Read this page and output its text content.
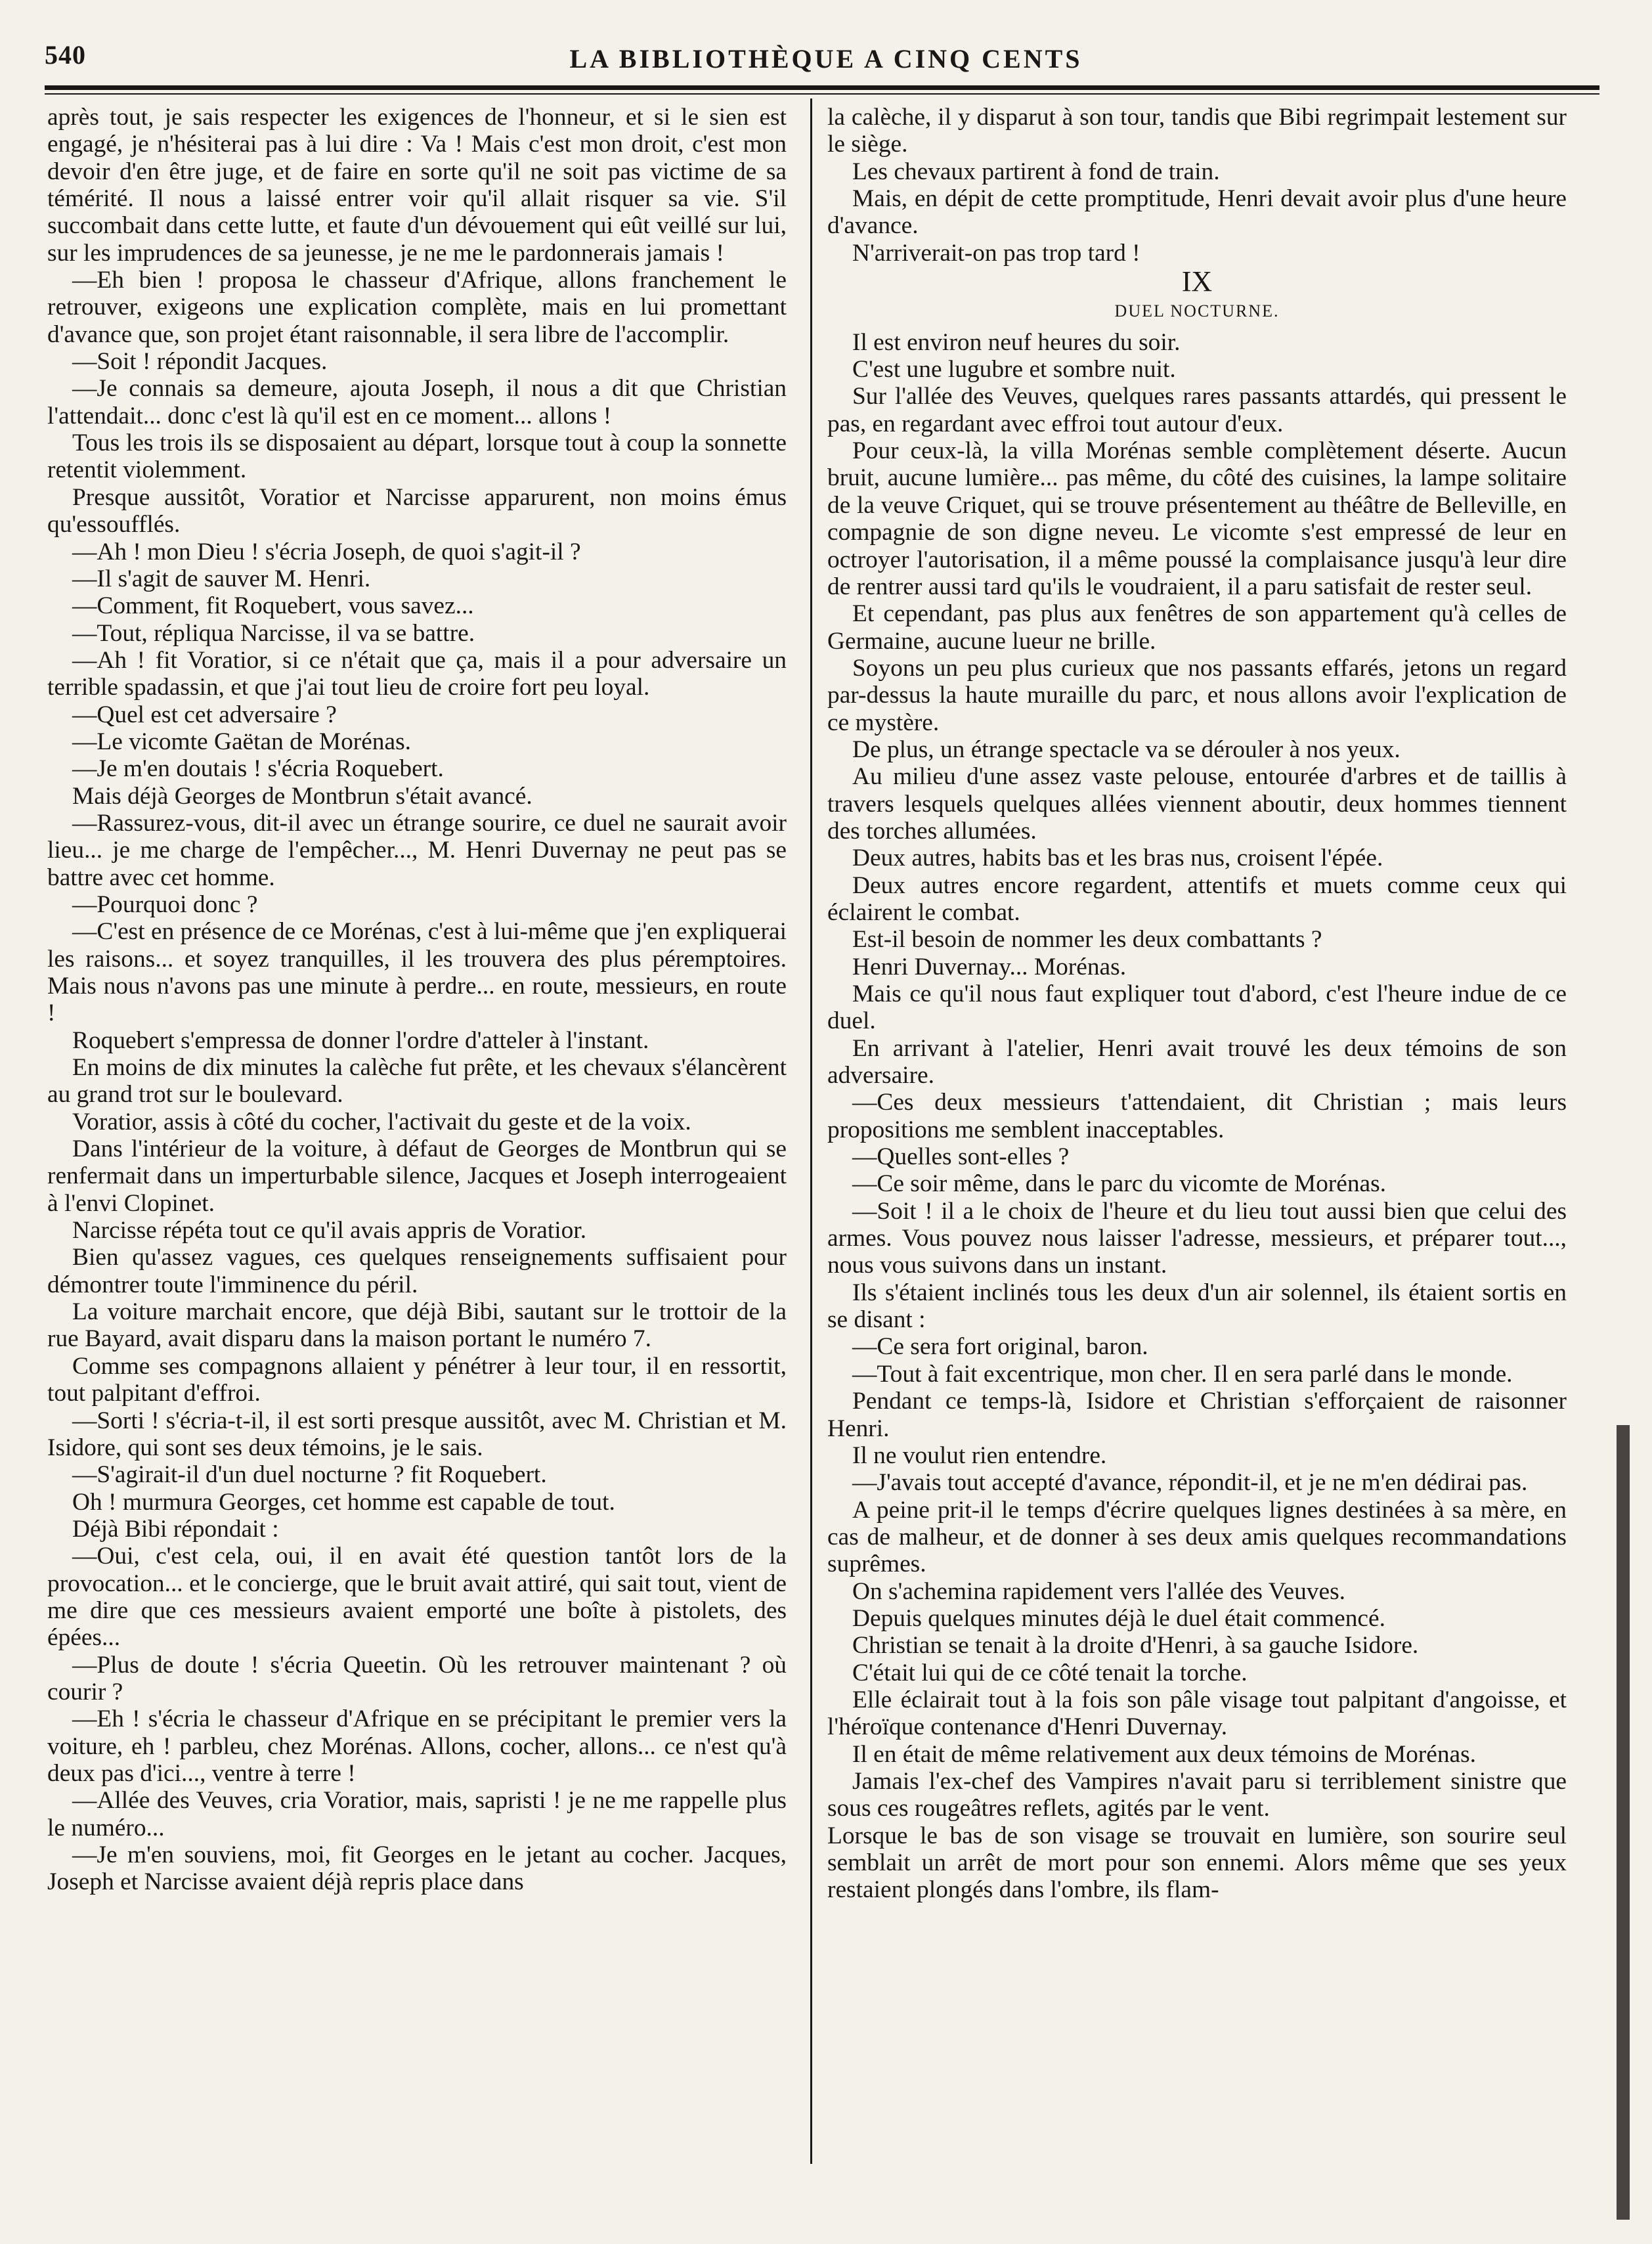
540	LA BIBLIOTHÈQUE A CINQ CENTS

après tout, je sais respecter les exigences de l'honneur, et si le sien est engagé, je n'hésiterai pas à lui dire : Va ! Mais c'est mon droit, c'est mon devoir d'en être juge, et de faire en sorte qu'il ne soit pas victime de sa témérité. Il nous a laissé entrer voir qu'il allait risquer sa vie. S'il succombait dans cette lutte, et faute d'un dévouement qui eût veillé sur lui, sur les imprudences de sa jeunesse, je ne me le pardonnerais jamais !

—Eh bien ! proposa le chasseur d'Afrique, allons franchement le retrouver, exigeons une explication complète, mais en lui promettant d'avance que, son projet étant raisonnable, il sera libre de l'accomplir.

—Soit ! répondit Jacques.

—Je connais sa demeure, ajouta Joseph, il nous a dit que Christian l'attendait... donc c'est là qu'il est en ce moment... allons !

Tous les trois ils se disposaient au départ, lorsque tout à coup la sonnette retentit violemment.

Presque aussitôt, Voratior et Narcisse apparurent, non moins émus qu'essoufflés.

—Ah ! mon Dieu ! s'écria Joseph, de quoi s'agit-il ?

—Il s'agit de sauver M. Henri.

—Comment, fit Roquebert, vous savez...

—Tout, répliqua Narcisse, il va se battre.

—Ah ! fit Voratior, si ce n'était que ça, mais il a pour adversaire un terrible spadassin, et que j'ai tout lieu de croire fort peu loyal.

—Quel est cet adversaire ?

—Le vicomte Gaëtan de Morénas.

—Je m'en doutais ! s'écria Roquebert.

Mais déjà Georges de Montbrun s'était avancé.

—Rassurez-vous, dit-il avec un étrange sourire, ce duel ne saurait avoir lieu... je me charge de l'empêcher..., M. Henri Duvernay ne peut pas se battre avec cet homme.

—Pourquoi donc ?

—C'est en présence de ce Morénas, c'est à lui-même que j'en expliquerai les raisons... et soyez tranquilles, il les trouvera des plus péremptoires. Mais nous n'avons pas une minute à perdre... en route, messieurs, en route !

Roquebert s'empressa de donner l'ordre d'atteler à l'instant.

En moins de dix minutes la calèche fut prête, et les chevaux s'élancèrent au grand trot sur le boulevard.

Voratior, assis à côté du cocher, l'activait du geste et de la voix.

Dans l'intérieur de la voiture, à défaut de Georges de Montbrun qui se renfermait dans un imperturbable silence, Jacques et Joseph interrogeaient à l'envi Clopinet.

Narcisse répéta tout ce qu'il avais appris de Voratior.

Bien qu'assez vagues, ces quelques renseignements suffisaient pour démontrer toute l'imminence du péril.

La voiture marchait encore, que déjà Bibi, sautant sur le trottoir de la rue Bayard, avait disparu dans la maison portant le numéro 7.

Comme ses compagnons allaient y pénétrer à leur tour, il en ressortit, tout palpitant d'effroi.

—Sorti ! s'écria-t-il, il est sorti presque aussitôt, avec M. Christian et M. Isidore, qui sont ses deux témoins, je le sais.

—S'agirait-il d'un duel nocturne ? fit Roquebert.

Oh ! murmura Georges, cet homme est capable de tout.

Déjà Bibi répondait :

—Oui, c'est cela, oui, il en avait été question tantôt lors de la provocation... et le concierge, que le bruit avait attiré, qui sait tout, vient de me dire que ces messieurs avaient emporté une boîte à pistolets, des épées...

—Plus de doute ! s'écria Queetin. Où les retrouver maintenant ? où courir ?

—Eh ! s'écria le chasseur d'Afrique en se précipitant le premier vers la voiture, eh ! parbleu, chez Morénas. Allons, cocher, allons... ce n'est qu'à deux pas d'ici..., ventre à terre !

—Allée des Veuves, cria Voratior, mais, sapristi ! je ne me rappelle plus le numéro...

—Je m'en souviens, moi, fit Georges en le jetant au cocher. Jacques, Joseph et Narcisse avaient déjà repris place dans

la calèche, il y disparut à son tour, tandis que Bibi regrimpait lestement sur le siège.

Les chevaux partirent à fond de train.

Mais, en dépit de cette promptitude, Henri devait avoir plus d'une heure d'avance.

N'arriverait-on pas trop tard !

IX

DUEL NOCTURNE.

Il est environ neuf heures du soir.

C'est une lugubre et sombre nuit.

Sur l'allée des Veuves, quelques rares passants attardés, qui pressent le pas, en regardant avec effroi tout autour d'eux.

Pour ceux-là, la villa Morénas semble complètement déserte. Aucun bruit, aucune lumière... pas même, du côté des cuisines, la lampe solitaire de la veuve Criquet, qui se trouve présentement au théâtre de Belleville, en compagnie de son digne neveu. Le vicomte s'est empressé de leur en octroyer l'autorisation, il a même poussé la complaisance jusqu'à leur dire de rentrer aussi tard qu'ils le voudraient, il a paru satisfait de rester seul.

Et cependant, pas plus aux fenêtres de son appartement qu'à celles de Germaine, aucune lueur ne brille.

Soyons un peu plus curieux que nos passants effarés, jetons un regard par-dessus la haute muraille du parc, et nous allons avoir l'explication de ce mystère.

De plus, un étrange spectacle va se dérouler à nos yeux.

Au milieu d'une assez vaste pelouse, entourée d'arbres et de taillis à travers lesquels quelques allées viennent aboutir, deux hommes tiennent des torches allumées.

Deux autres, habits bas et les bras nus, croisent l'épée.

Deux autres encore regardent, attentifs et muets comme ceux qui éclairent le combat.

Est-il besoin de nommer les deux combattants ?

Henri Duvernay... Morénas.

Mais ce qu'il nous faut expliquer tout d'abord, c'est l'heure indue de ce duel.

En arrivant à l'atelier, Henri avait trouvé les deux témoins de son adversaire.

—Ces deux messieurs t'attendaient, dit Christian ; mais leurs propositions me semblent inacceptables.

—Quelles sont-elles ?

—Ce soir même, dans le parc du vicomte de Morénas.

—Soit ! il a le choix de l'heure et du lieu tout aussi bien que celui des armes. Vous pouvez nous laisser l'adresse, messieurs, et préparer tout..., nous vous suivons dans un instant.

Ils s'étaient inclinés tous les deux d'un air solennel, ils étaient sortis en se disant :

—Ce sera fort original, baron.

—Tout à fait excentrique, mon cher. Il en sera parlé dans le monde.

Pendant ce temps-là, Isidore et Christian s'efforçaient de raisonner Henri.

Il ne voulut rien entendre.

—J'avais tout accepté d'avance, répondit-il, et je ne m'en dédirai pas.

A peine prit-il le temps d'écrire quelques lignes destinées à sa mère, en cas de malheur, et de donner à ses deux amis quelques recommandations suprêmes.

On s'achemina rapidement vers l'allée des Veuves.

Depuis quelques minutes déjà le duel était commencé.

Christian se tenait à la droite d'Henri, à sa gauche Isidore.

C'était lui qui de ce côté tenait la torche.

Elle éclairait tout à la fois son pâle visage tout palpitant d'angoisse, et l'héroïque contenance d'Henri Duvernay.

Il en était de même relativement aux deux témoins de Morénas.

Jamais l'ex-chef des Vampires n'avait paru si terriblement sinistre que sous ces rougeâtres reflets, agités par le vent.

Lorsque le bas de son visage se trouvait en lumière, son sourire seul semblait un arrêt de mort pour son ennemi. Alors même que ses yeux restaient plongés dans l'ombre, ils flam-
